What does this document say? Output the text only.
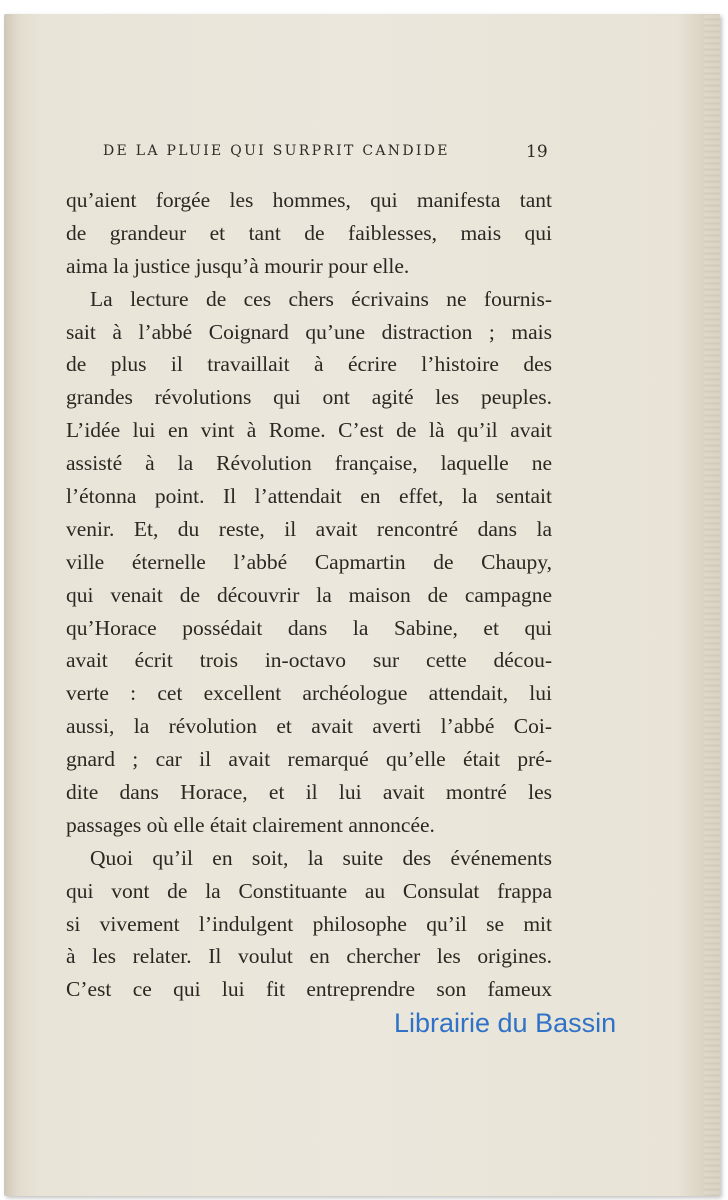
DE LA PLUIE QUI SURPRIT CANDIDE	19
qu’aient forgée les hommes, qui manifesta tant
de grandeur et tant de faiblesses, mais qui
aima la justice jusqu’à mourir pour elle.
La lecture de ces chers écrivains ne fournis-
sait à l’abbé Coignard qu’une distraction ; mais
de plus il travaillait à écrire l’histoire des
grandes révolutions qui ont agité les peuples.
L’idée lui en vint à Rome. C’est de là qu’il avait
assisté à la Révolution française, laquelle ne
l’étonna point. Il l’attendait en effet, la sentait
venir. Et, du reste, il avait rencontré dans la
ville éternelle l’abbé Capmartin de Chaupy,
qui venait de découvrir la maison de campagne
qu’Horace possédait dans la Sabine, et qui
avait écrit trois in-octavo sur cette décou-
verte : cet excellent archéologue attendait, lui
aussi, la révolution et avait averti l’abbé Coi-
gnard ; car il avait remarqué qu’elle était pré-
dite dans Horace, et il lui avait montré les
passages où elle était clairement annoncée.
Quoi qu’il en soit, la suite des événements
qui vont de la Constituante au Consulat frappa
si vivement l’indulgent philosophe qu’il se mit
à les relater. Il voulut en chercher les origines.
C’est ce qui lui fit entreprendre son fameux
Librairie du Bassin
